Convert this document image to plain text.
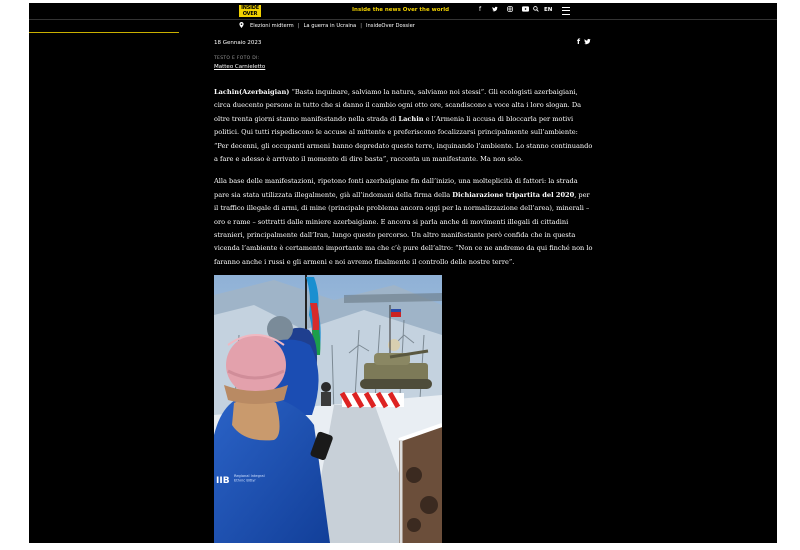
INSIDE OVER
Inside the news Over the world	f	EN
Elezioni midterm | La guerra in Ucraina | InsideOver Dossier
18 Gennaio 2023	f
TESTO E FOTO DI:
Matteo Carnieletto

Lachin(Azerbaigian) “Basta inquinare, salviamo la natura, salviamo noi stessi”. Gli ecologisti azerbaigiani, circa duecento persone in tutto che si danno il cambio ogni otto ore, scandiscono a voce alta i loro slogan. Da oltre trenta giorni stanno manifestando nella strada di Lachin e l’Armenia li accusa di bloccarla per motivi politici. Qui tutti rispediscono le accuse al mittente e preferiscono focalizzarsi principalmente sull’ambiente: “Per decenni, gli occupanti armeni hanno depredato queste terre, inquinando l’ambiente. Lo stanno continuando a fare e adesso è arrivato il momento di dire basta”, racconta un manifestante. Ma non solo.

Alla base delle manifestazioni, ripetono fonti azerbaigiane fin dall’inizio, una molteplicità di fattori: la strada pare sia stata utilizzata illegalmente, già all’indomani della firma della Dichiarazione tripartita del 2020, per il traffico illegale di armi, di mine (principale problema ancora oggi per la normalizzazione dell’area), minerali – oro e rame – sottratti dalle miniere azerbaigiane. E ancora si parla anche di movimenti illegali di cittadini stranieri, principalmente dall’Iran, lungo questo percorso. Un altro manifestante però confida che in questa vicenda l’ambiente è certamente importante ma che c’è pure dell’altro: “Non ce ne andremo da qui finché non lo faranno anche i russi e gli armeni e noi avremo finalmente il controllo delle nostre terre”.

IIB Regional Integral Ethnic Bitlyr
